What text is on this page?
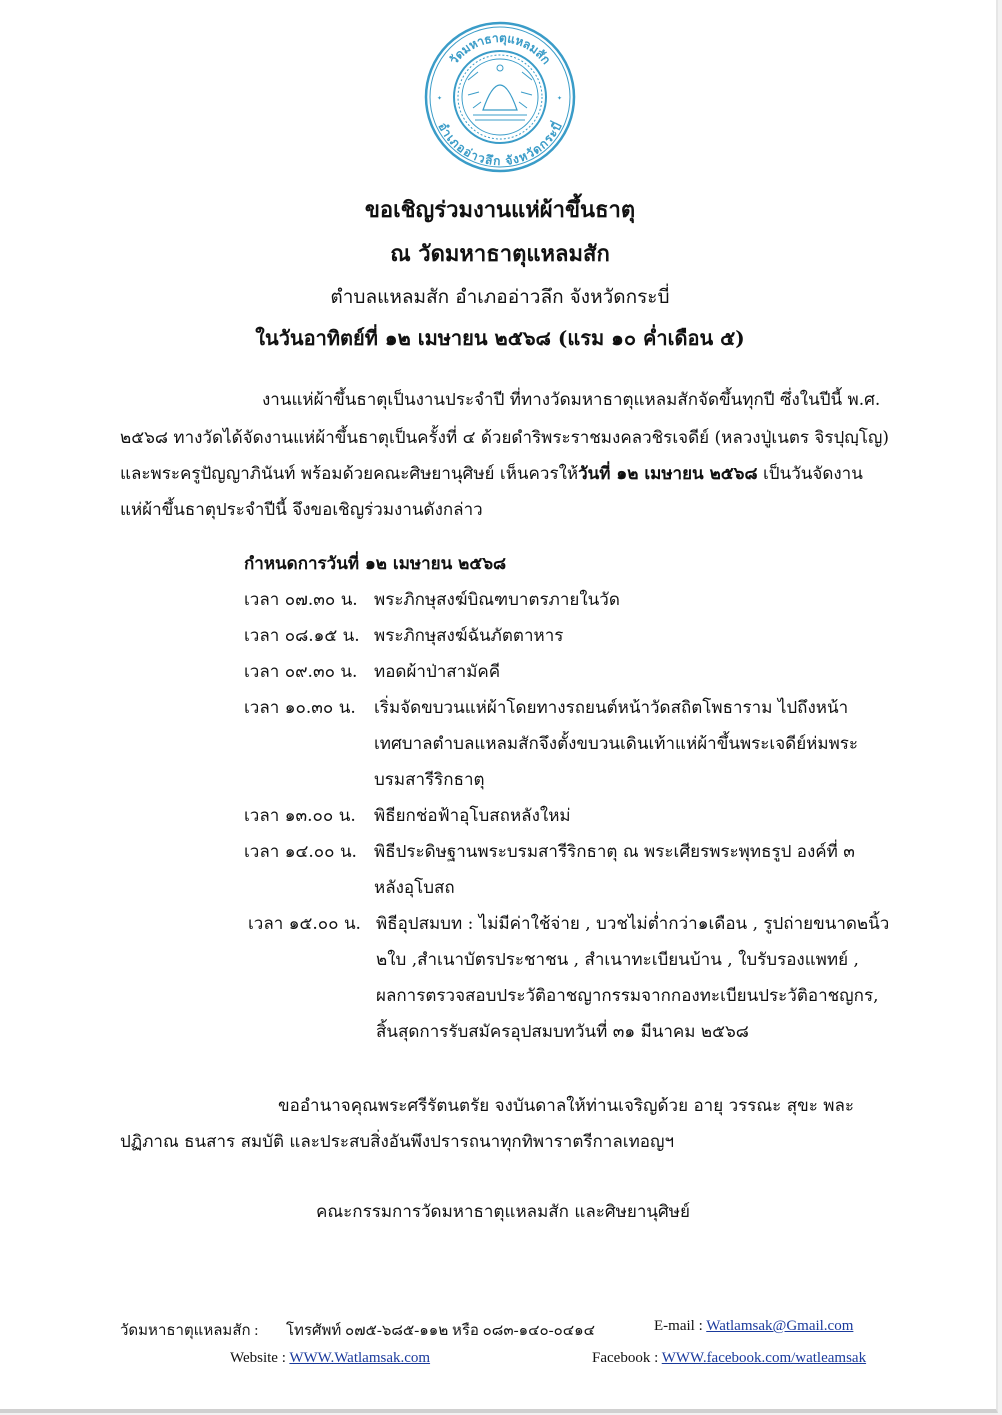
วัดมหาธาตุแหลมสัก
อำเภออ่าวลึก จังหวัดกระบี่
✦	✦
ขอเชิญร่วมงานแห่ผ้าขึ้นธาตุ
ณ วัดมหาธาตุแหลมสัก
ตำบลแหลมสัก อำเภออ่าวลึก จังหวัดกระบี่
ในวันอาทิตย์ที่ ๑๒ เมษายน ๒๕๖๘ (แรม ๑๐ ค่ำเดือน ๕)
งานแห่ผ้าขึ้นธาตุเป็นงานประจำปี ที่ทางวัดมหาธาตุแหลมสักจัดขึ้นทุกปี ซึ่งในปีนี้ พ.ศ.
๒๕๖๘ ทางวัดได้จัดงานแห่ผ้าขึ้นธาตุเป็นครั้งที่ ๔ ด้วยดำริพระราชมงคลวชิรเจดีย์ (หลวงปู่เนตร จิรปุญฺโญ)
และพระครูปัญญาภินันท์ พร้อมด้วยคณะศิษยานุศิษย์ เห็นควรให้วันที่ ๑๒ เมษายน ๒๕๖๘ เป็นวันจัดงาน
แห่ผ้าขึ้นธาตุประจำปีนี้ จึงขอเชิญร่วมงานดังกล่าว
กำหนดการวันที่ ๑๒ เมษายน ๒๕๖๘
เวลา ๐๗.๓๐ น. พระภิกษุสงฆ์บิณฑบาตรภายในวัด
เวลา ๐๘.๑๕ น. พระภิกษุสงฆ์ฉันภัตตาหาร
เวลา ๐๙.๓๐ น. ทอดผ้าป่าสามัคคี
เวลา ๑๐.๓๐ น. เริ่มจัดขบวนแห่ผ้าโดยทางรถยนต์หน้าวัดสถิตโพธาราม ไปถึงหน้า
เทศบาลตำบลแหลมสักจึงตั้งขบวนเดินเท้าแห่ผ้าขึ้นพระเจดีย์ห่มพระ
บรมสารีริกธาตุ
เวลา ๑๓.๐๐ น. พิธียกช่อฟ้าอุโบสถหลังใหม่
เวลา ๑๔.๐๐ น. พิธีประดิษฐานพระบรมสารีริกธาตุ ณ พระเศียรพระพุทธรูป องค์ที่ ๓
หลังอุโบสถ
เวลา ๑๕.๐๐ น. พิธีอุปสมบท : ไม่มีค่าใช้จ่าย , บวชไม่ต่ำกว่า๑เดือน , รูปถ่ายขนาด๒นิ้ว
๒ใบ ,สำเนาบัตรประชาชน , สำเนาทะเบียนบ้าน , ใบรับรองแพทย์ ,
ผลการตรวจสอบประวัติอาชญากรรมจากกองทะเบียนประวัติอาชญกร,
สิ้นสุดการรับสมัครอุปสมบทวันที่ ๓๑ มีนาคม ๒๕๖๘
ขออำนาจคุณพระศรีรัตนตรัย จงบันดาลให้ท่านเจริญด้วย อายุ วรรณะ สุขะ พละ
ปฏิภาณ ธนสาร สมบัติ และประสบสิ่งอันพึงปรารถนาทุกทิพาราตรีกาลเทอญฯ
คณะกรรมการวัดมหาธาตุแหลมสัก และศิษยานุศิษย์
วัดมหาธาตุแหลมสัก : โทรศัพท์ ๐๗๕-๖๘๕-๑๑๒ หรือ ๐๘๓-๑๔๐-๐๔๑๔	E-mail : Watlamsak@Gmail.com
Website : WWW.Watlamsak.com	Facebook : WWW.facebook.com/watleamsak
